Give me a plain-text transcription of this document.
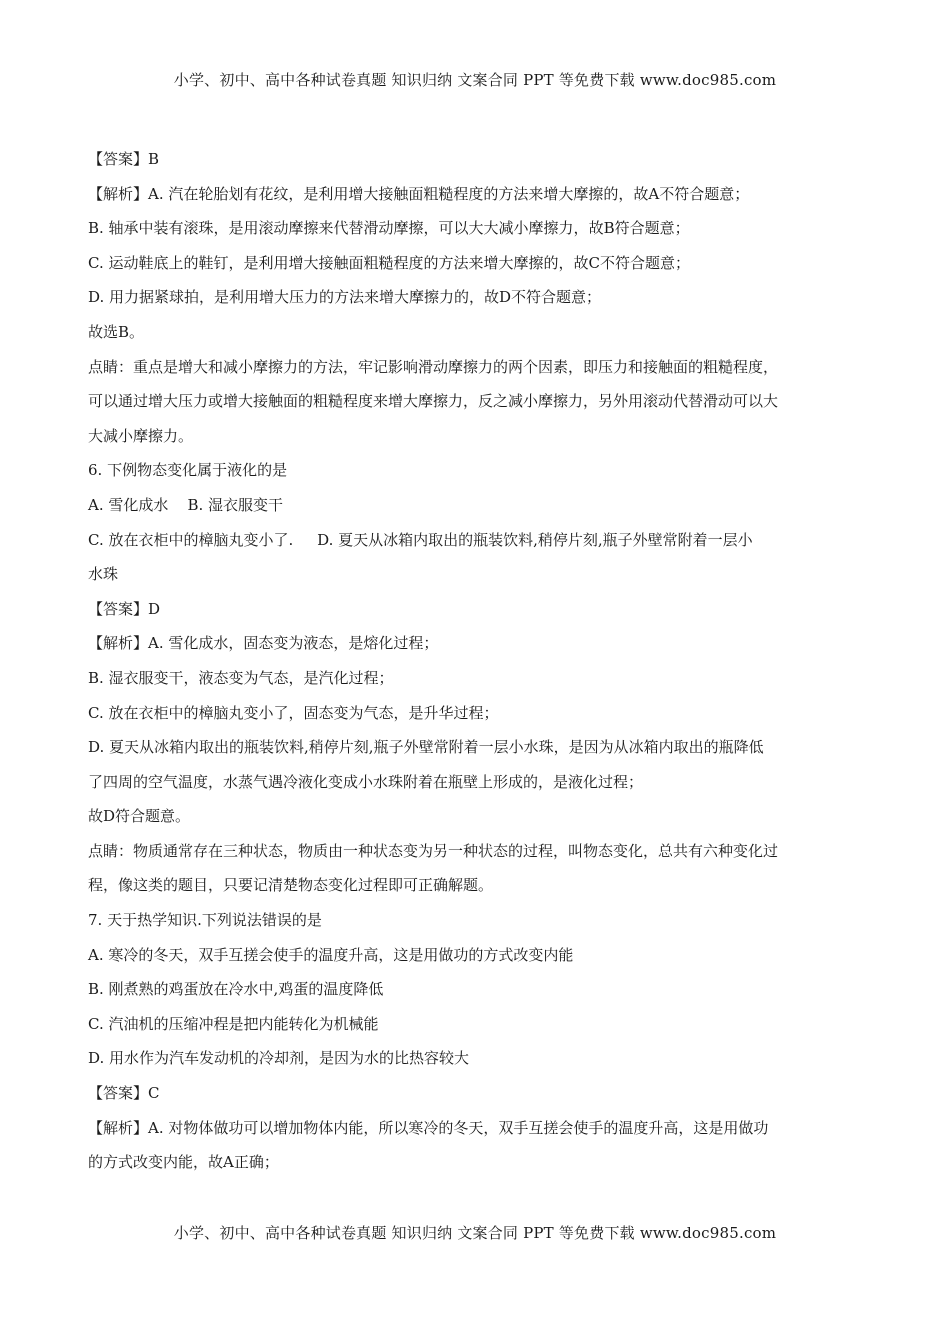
小学、初中、高中各种试卷真题 知识归纳 文案合同 PPT 等免费下载 www.doc985.com
【答案】B
【解析】A. 汽在轮胎划有花纹，是利用增大接触面粗糙程度的方法来增大摩擦的，故A不符合题意；
B. 轴承中装有滚珠，是用滚动摩擦来代替滑动摩擦，可以大大减小摩擦力，故B符合题意；
C. 运动鞋底上的鞋钉，是利用增大接触面粗糙程度的方法来增大摩擦的，故C不符合题意；
D. 用力据紧球拍，是利用增大压力的方法来增大摩擦力的，故D不符合题意；
故选B。
点睛：重点是增大和减小摩擦力的方法，牢记影响滑动摩擦力的两个因素，即压力和接触面的粗糙程度，
可以通过增大压力或增大接触面的粗糙程度来增大摩擦力，反之减小摩擦力，另外用滚动代替滑动可以大
大减小摩擦力。
6. 下例物态变化属于液化的是
A. 雪化成水    B. 湿衣服变干
C. 放在衣柜中的樟脑丸变小了.     D. 夏天从冰箱内取出的瓶装饮料,稍停片刻,瓶子外壁常附着一层小
水珠
【答案】D
【解析】A. 雪化成水，固态变为液态，是熔化过程；
B. 湿衣服变干，液态变为气态，是汽化过程；
C. 放在衣柜中的樟脑丸变小了，固态变为气态，是升华过程；
D. 夏天从冰箱内取出的瓶装饮料,稍停片刻,瓶子外壁常附着一层小水珠，是因为从冰箱内取出的瓶降低
了四周的空气温度，水蒸气遇冷液化变成小水珠附着在瓶壁上形成的，是液化过程；
故D符合题意。
点睛：物质通常存在三种状态，物质由一种状态变为另一种状态的过程，叫物态变化，总共有六种变化过
程，像这类的题目，只要记清楚物态变化过程即可正确解题。
7. 天于热学知识.下列说法错误的是
A. 寒冷的冬天，双手互搓会使手的温度升高，这是用做功的方式改变内能
B. 刚煮熟的鸡蛋放在冷水中,鸡蛋的温度降低
C. 汽油机的压缩冲程是把内能转化为机械能
D. 用水作为汽车发动机的冷却剂，是因为水的比热容较大
【答案】C
【解析】A. 对物体做功可以增加物体内能，所以寒冷的冬天，双手互搓会使手的温度升高，这是用做功
的方式改变内能，故A正确；
小学、初中、高中各种试卷真题 知识归纳 文案合同 PPT 等免费下载 www.doc985.com
